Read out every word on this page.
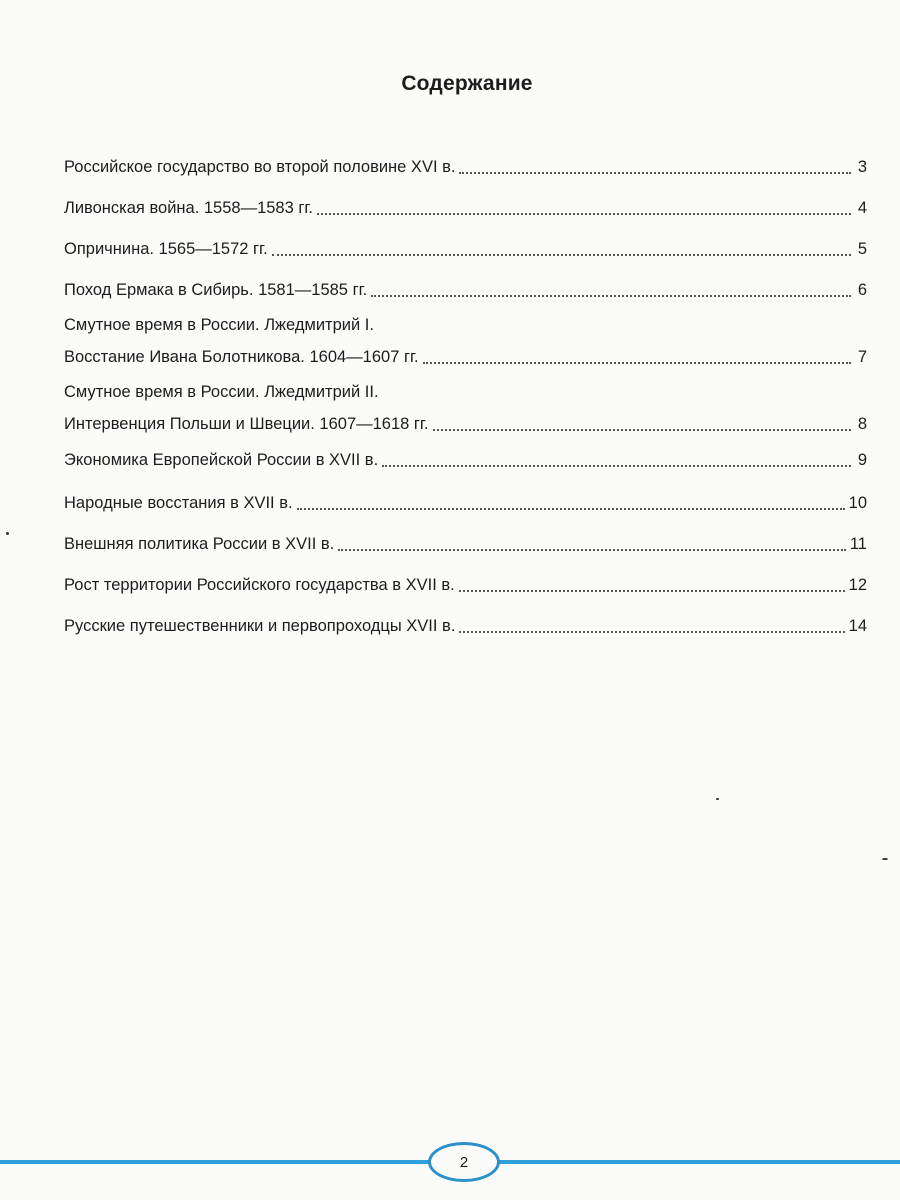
Содержание
Российское государство во второй половине XVI в.	3
Ливонская война. 1558—1583 гг.	4
Опричнина. 1565—1572 гг.	5
Поход Ермака в Сибирь. 1581—1585 гг.	6
Смутное время в России. Лжедмитрий I.
Восстание Ивана Болотникова. 1604—1607 гг.	7
Смутное время в России. Лжедмитрий II.
Интервенция Польши и Швеции. 1607—1618 гг.	8
Экономика Европейской России в XVII в.	9
Народные восстания в XVII в.	10
Внешняя политика России в XVII в.	11
Рост территории Российского государства в XVII в.	12
Русские путешественники и первопроходцы XVII в.	14
2
